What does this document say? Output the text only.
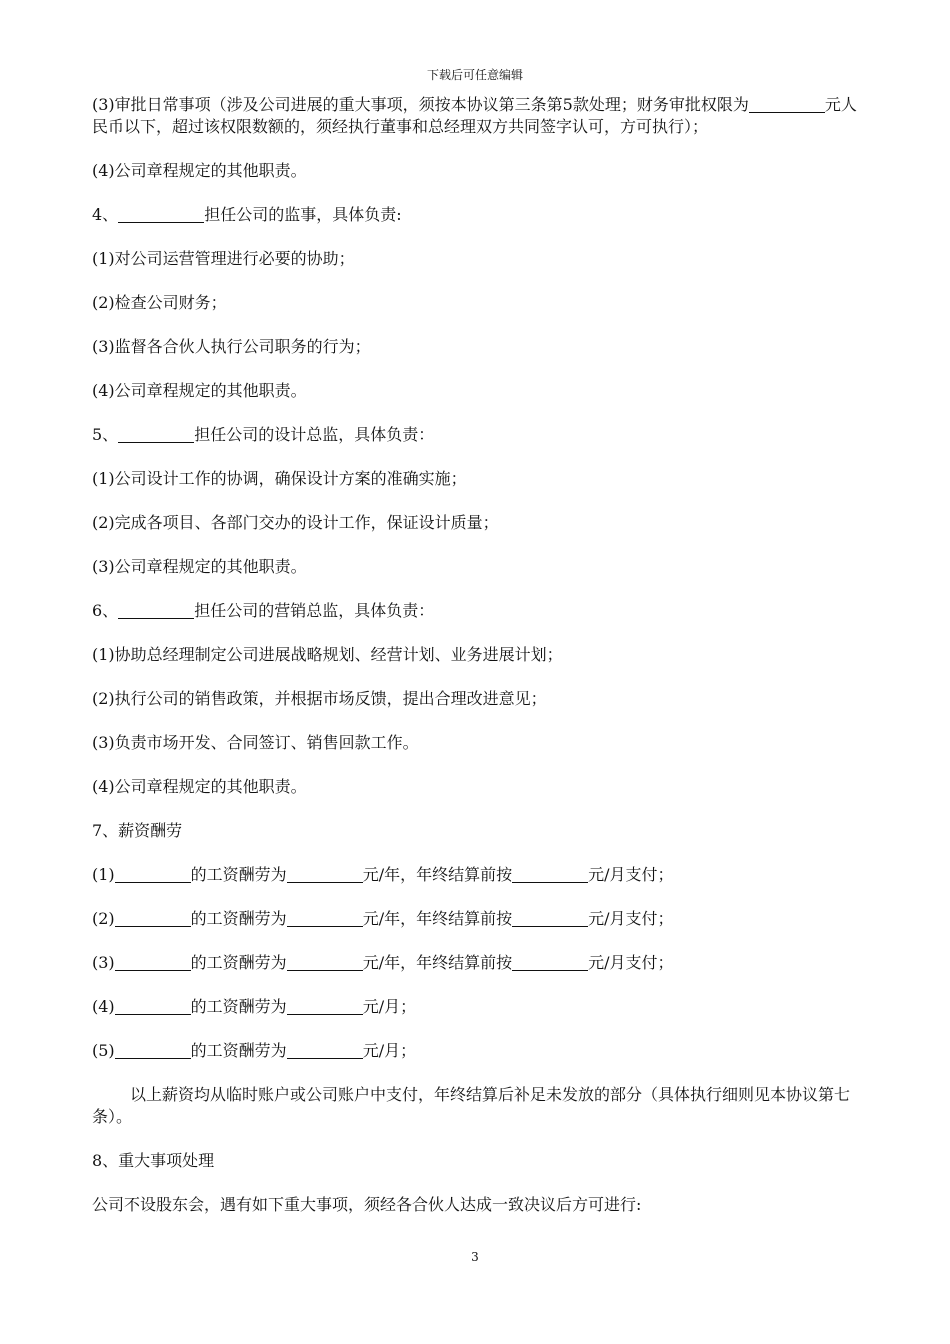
下载后可任意编辑

(3)审批日常事项（涉及公司进展的重大事项，须按本协议第三条第5款处理；财务审批权限为	元人民币以下，超过该权限数额的，须经执行董事和总经理双方共同签字认可，方可执行）；

(4)公司章程规定的其他职责。

4、	担任公司的监事，具体负责:

(1)对公司运营管理进行必要的协助；

(2)检查公司财务；

(3)监督各合伙人执行公司职务的行为；

(4)公司章程规定的其他职责。

5、	担任公司的设计总监，具体负责：

(1)公司设计工作的协调，确保设计方案的准确实施；

(2)完成各项目、各部门交办的设计工作，保证设计质量；

(3)公司章程规定的其他职责。

6、	担任公司的营销总监，具体负责：

(1)协助总经理制定公司进展战略规划、经营计划、业务进展计划；

(2)执行公司的销售政策，并根据市场反馈，提出合理改进意见；

(3)负责市场开发、合同签订、销售回款工作。

(4)公司章程规定的其他职责。

7、薪资酬劳

(1)	的工资酬劳为	元/年，年终结算前按	元/月支付；

(2)	的工资酬劳为	元/年，年终结算前按	元/月支付；

(3)	的工资酬劳为	元/年，年终结算前按	元/月支付；

(4)	的工资酬劳为	元/月；

(5)	的工资酬劳为	元/月；

以上薪资均从临时账户或公司账户中支付，年终结算后补足未发放的部分（具体执行细则见本协议第七条）。

8、重大事项处理

公司不设股东会，遇有如下重大事项，须经各合伙人达成一致决议后方可进行:

3
